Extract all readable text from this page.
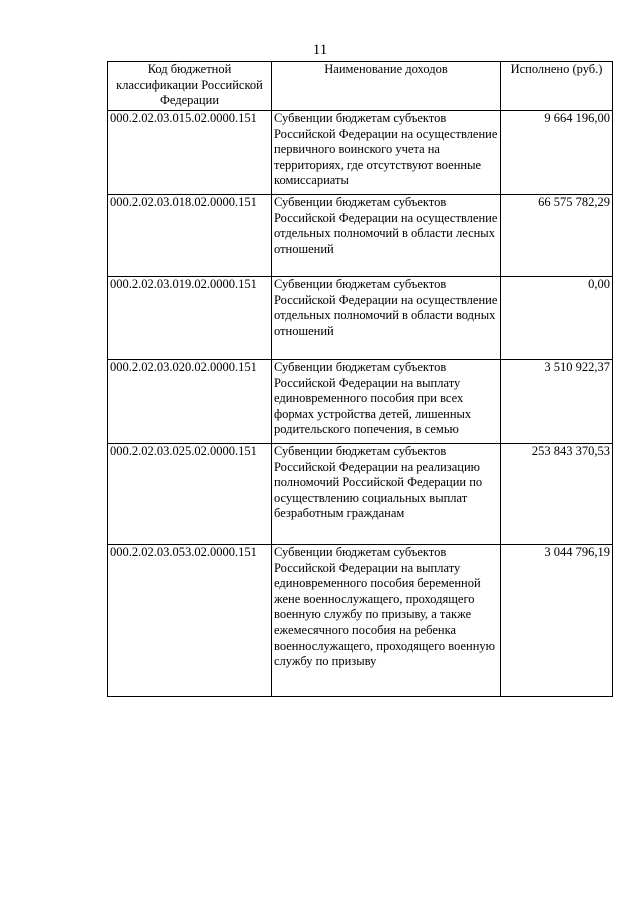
11
Код бюджетной классификации Российской Федерации	Наименование доходов	Исполнено (руб.)
000.2.02.03.015.02.0000.151	Субвенции бюджетам субъектов Российской Федерации на осуществление первичного воинского учета на территориях, где отсутствуют военные комиссариаты	9 664 196,00
000.2.02.03.018.02.0000.151	Субвенции бюджетам субъектов Российской Федерации на осуществление отдельных полномочий в области лесных отношений	66 575 782,29
000.2.02.03.019.02.0000.151	Субвенции бюджетам субъектов Российской Федерации на осуществление отдельных полномочий в области водных отношений	0,00
000.2.02.03.020.02.0000.151	Субвенции бюджетам субъектов Российской Федерации на выплату единовременного пособия при всех формах устройства детей, лишенных родительского попечения, в семью	3 510 922,37
000.2.02.03.025.02.0000.151	Субвенции бюджетам субъектов Российской Федерации на реализацию полномочий Российской Федерации по осуществлению социальных выплат безработным гражданам	253 843 370,53
000.2.02.03.053.02.0000.151	Субвенции бюджетам субъектов Российской Федерации на выплату единовременного пособия беременной жене военнослужащего, проходящего военную службу по призыву, а также ежемесячного пособия на ребенка военнослужащего, проходящего военную службу по призыву	3 044 796,19
